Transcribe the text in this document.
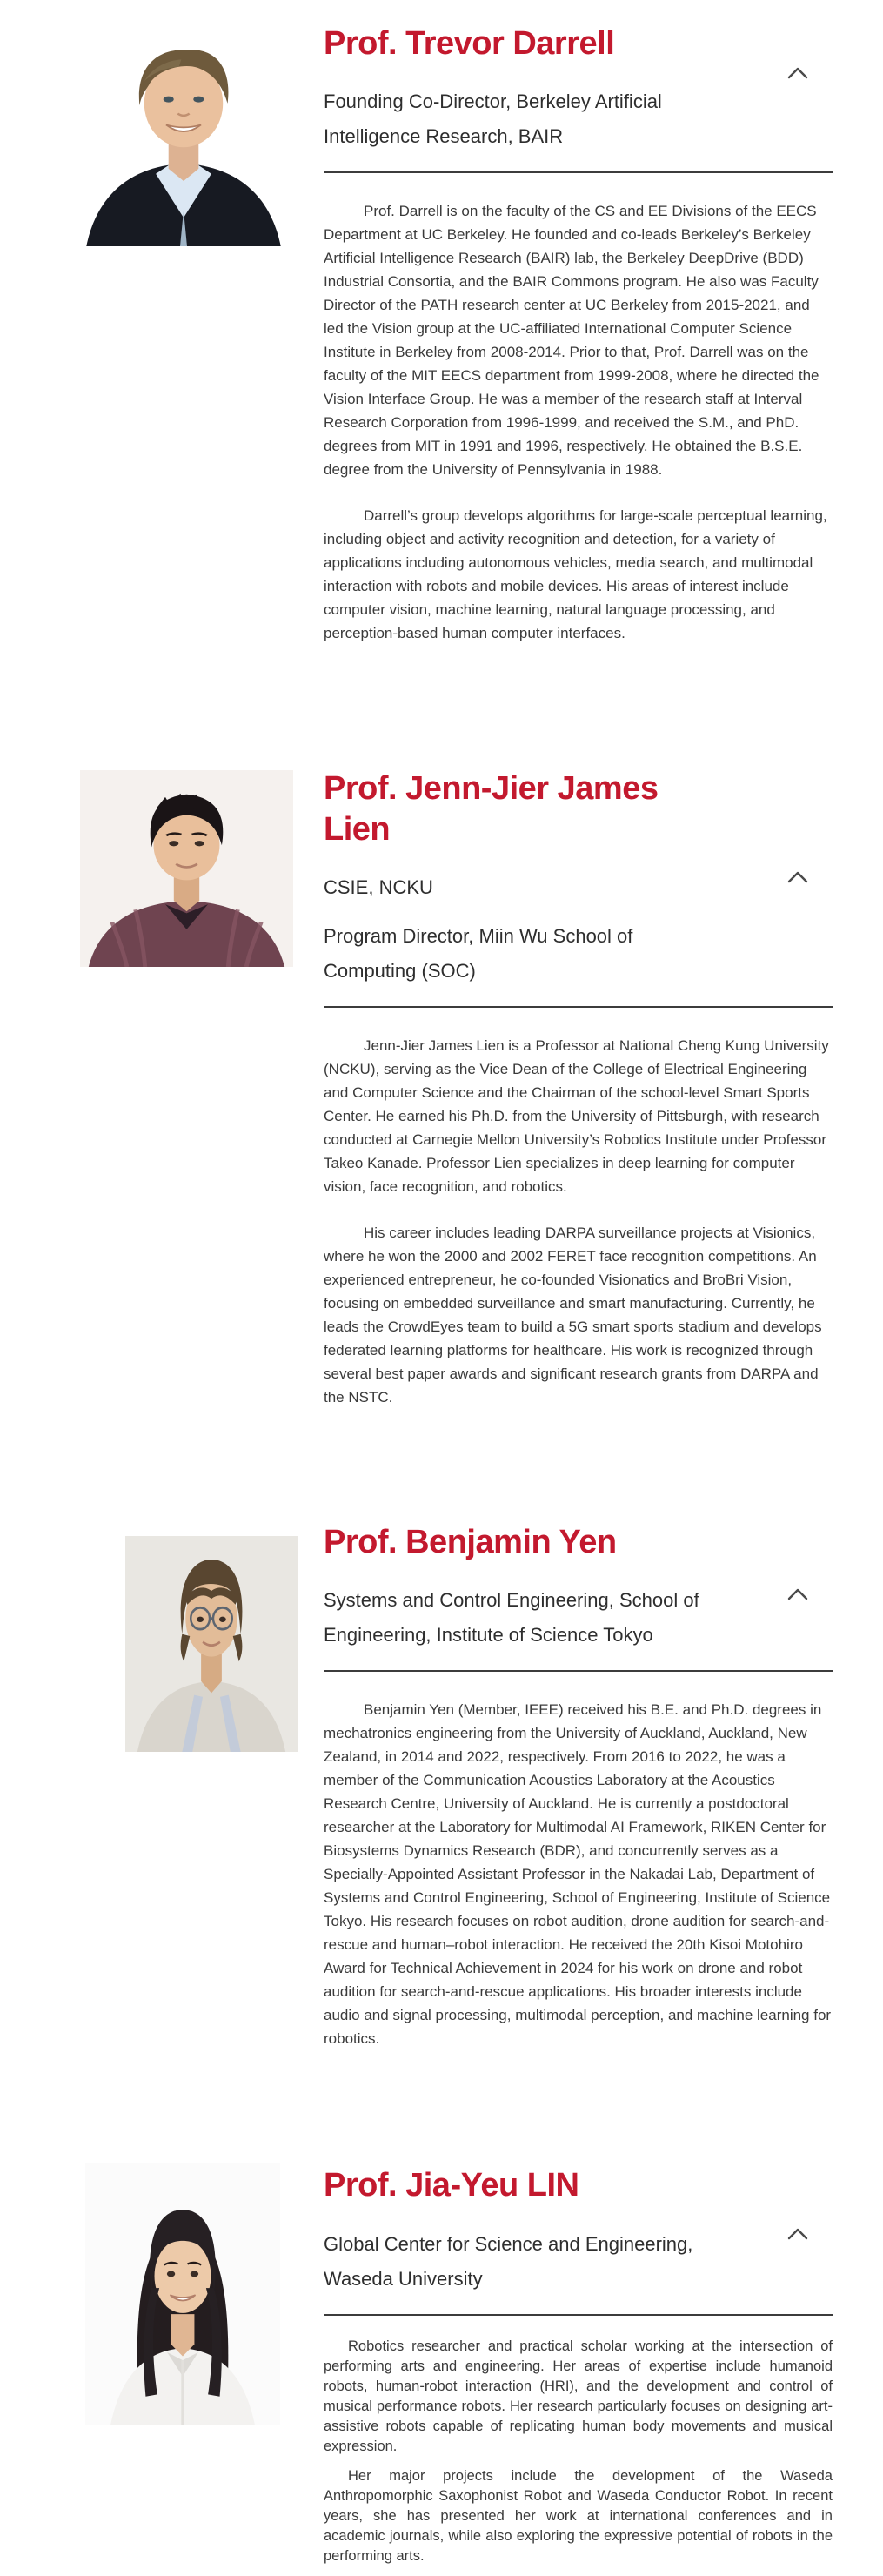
Prof. Trevor Darrell

Founding Co-Director, Berkeley Artificial Intelligence Research, BAIR

Prof. Darrell is on the faculty of the CS and EE Divisions of the EECS Department at UC Berkeley. He founded and co-leads Berkeley’s Berkeley Artificial Intelligence Research (BAIR) lab, the Berkeley DeepDrive (BDD) Industrial Consortia, and the BAIR Commons program. He also was Faculty Director of the PATH research center at UC Berkeley from 2015-2021, and led the Vision group at the UC-affiliated International Computer Science Institute in Berkeley from 2008-2014. Prior to that, Prof. Darrell was on the faculty of the MIT EECS department from 1999-2008, where he directed the Vision Interface Group. He was a member of the research staff at Interval Research Corporation from 1996-1999, and received the S.M., and PhD. degrees from MIT in 1991 and 1996, respectively. He obtained the B.S.E. degree from the University of Pennsylvania in 1988.

Darrell’s group develops algorithms for large-scale perceptual learning, including object and activity recognition and detection, for a variety of applications including autonomous vehicles, media search, and multimodal interaction with robots and mobile devices. His areas of interest include computer vision, machine learning, natural language processing, and perception-based human computer interfaces.

Prof. Jenn-Jier James Lien

CSIE, NCKU

Program Director, Miin Wu School of Computing (SOC)

Jenn-Jier James Lien is a Professor at National Cheng Kung University (NCKU), serving as the Vice Dean of the College of Electrical Engineering and Computer Science and the Chairman of the school-level Smart Sports Center. He earned his Ph.D. from the University of Pittsburgh, with research conducted at Carnegie Mellon University’s Robotics Institute under Professor Takeo Kanade. Professor Lien specializes in deep learning for computer vision, face recognition, and robotics.

His career includes leading DARPA surveillance projects at Visionics, where he won the 2000 and 2002 FERET face recognition competitions. An experienced entrepreneur, he co-founded Visionatics and BroBri Vision, focusing on embedded surveillance and smart manufacturing. Currently, he leads the CrowdEyes team to build a 5G smart sports stadium and develops federated learning platforms for healthcare. His work is recognized through several best paper awards and significant research grants from DARPA and the NSTC.

Prof. Benjamin Yen

Systems and Control Engineering, School of Engineering, Institute of Science Tokyo

Benjamin Yen (Member, IEEE) received his B.E. and Ph.D. degrees in mechatronics engineering from the University of Auckland, Auckland, New Zealand, in 2014 and 2022, respectively. From 2016 to 2022, he was a member of the Communication Acoustics Laboratory at the Acoustics Research Centre, University of Auckland. He is currently a postdoctoral researcher at the Laboratory for Multimodal AI Framework, RIKEN Center for Biosystems Dynamics Research (BDR), and concurrently serves as a Specially-Appointed Assistant Professor in the Nakadai Lab, Department of Systems and Control Engineering, School of Engineering, Institute of Science Tokyo. His research focuses on robot audition, drone audition for search-and-rescue and human–robot interaction. He received the 20th Kisoi Motohiro Award for Technical Achievement in 2024 for his work on drone and robot audition for search-and-rescue applications. His broader interests include audio and signal processing, multimodal perception, and machine learning for robotics.

Prof. Jia-Yeu LIN

Global Center for Science and Engineering, Waseda University

Robotics researcher and practical scholar working at the intersection of performing arts and engineering. Her areas of expertise include humanoid robots, human-robot interaction (HRI), and the development and control of musical performance robots. Her research particularly focuses on designing art-assistive robots capable of replicating human body movements and musical expression.

Her major projects include the development of the Waseda Anthropomorphic Saxophonist Robot and Waseda Conductor Robot. In recent years, she has presented her work at international conferences and in academic journals, while also exploring the expressive potential of robots in the performing arts.
